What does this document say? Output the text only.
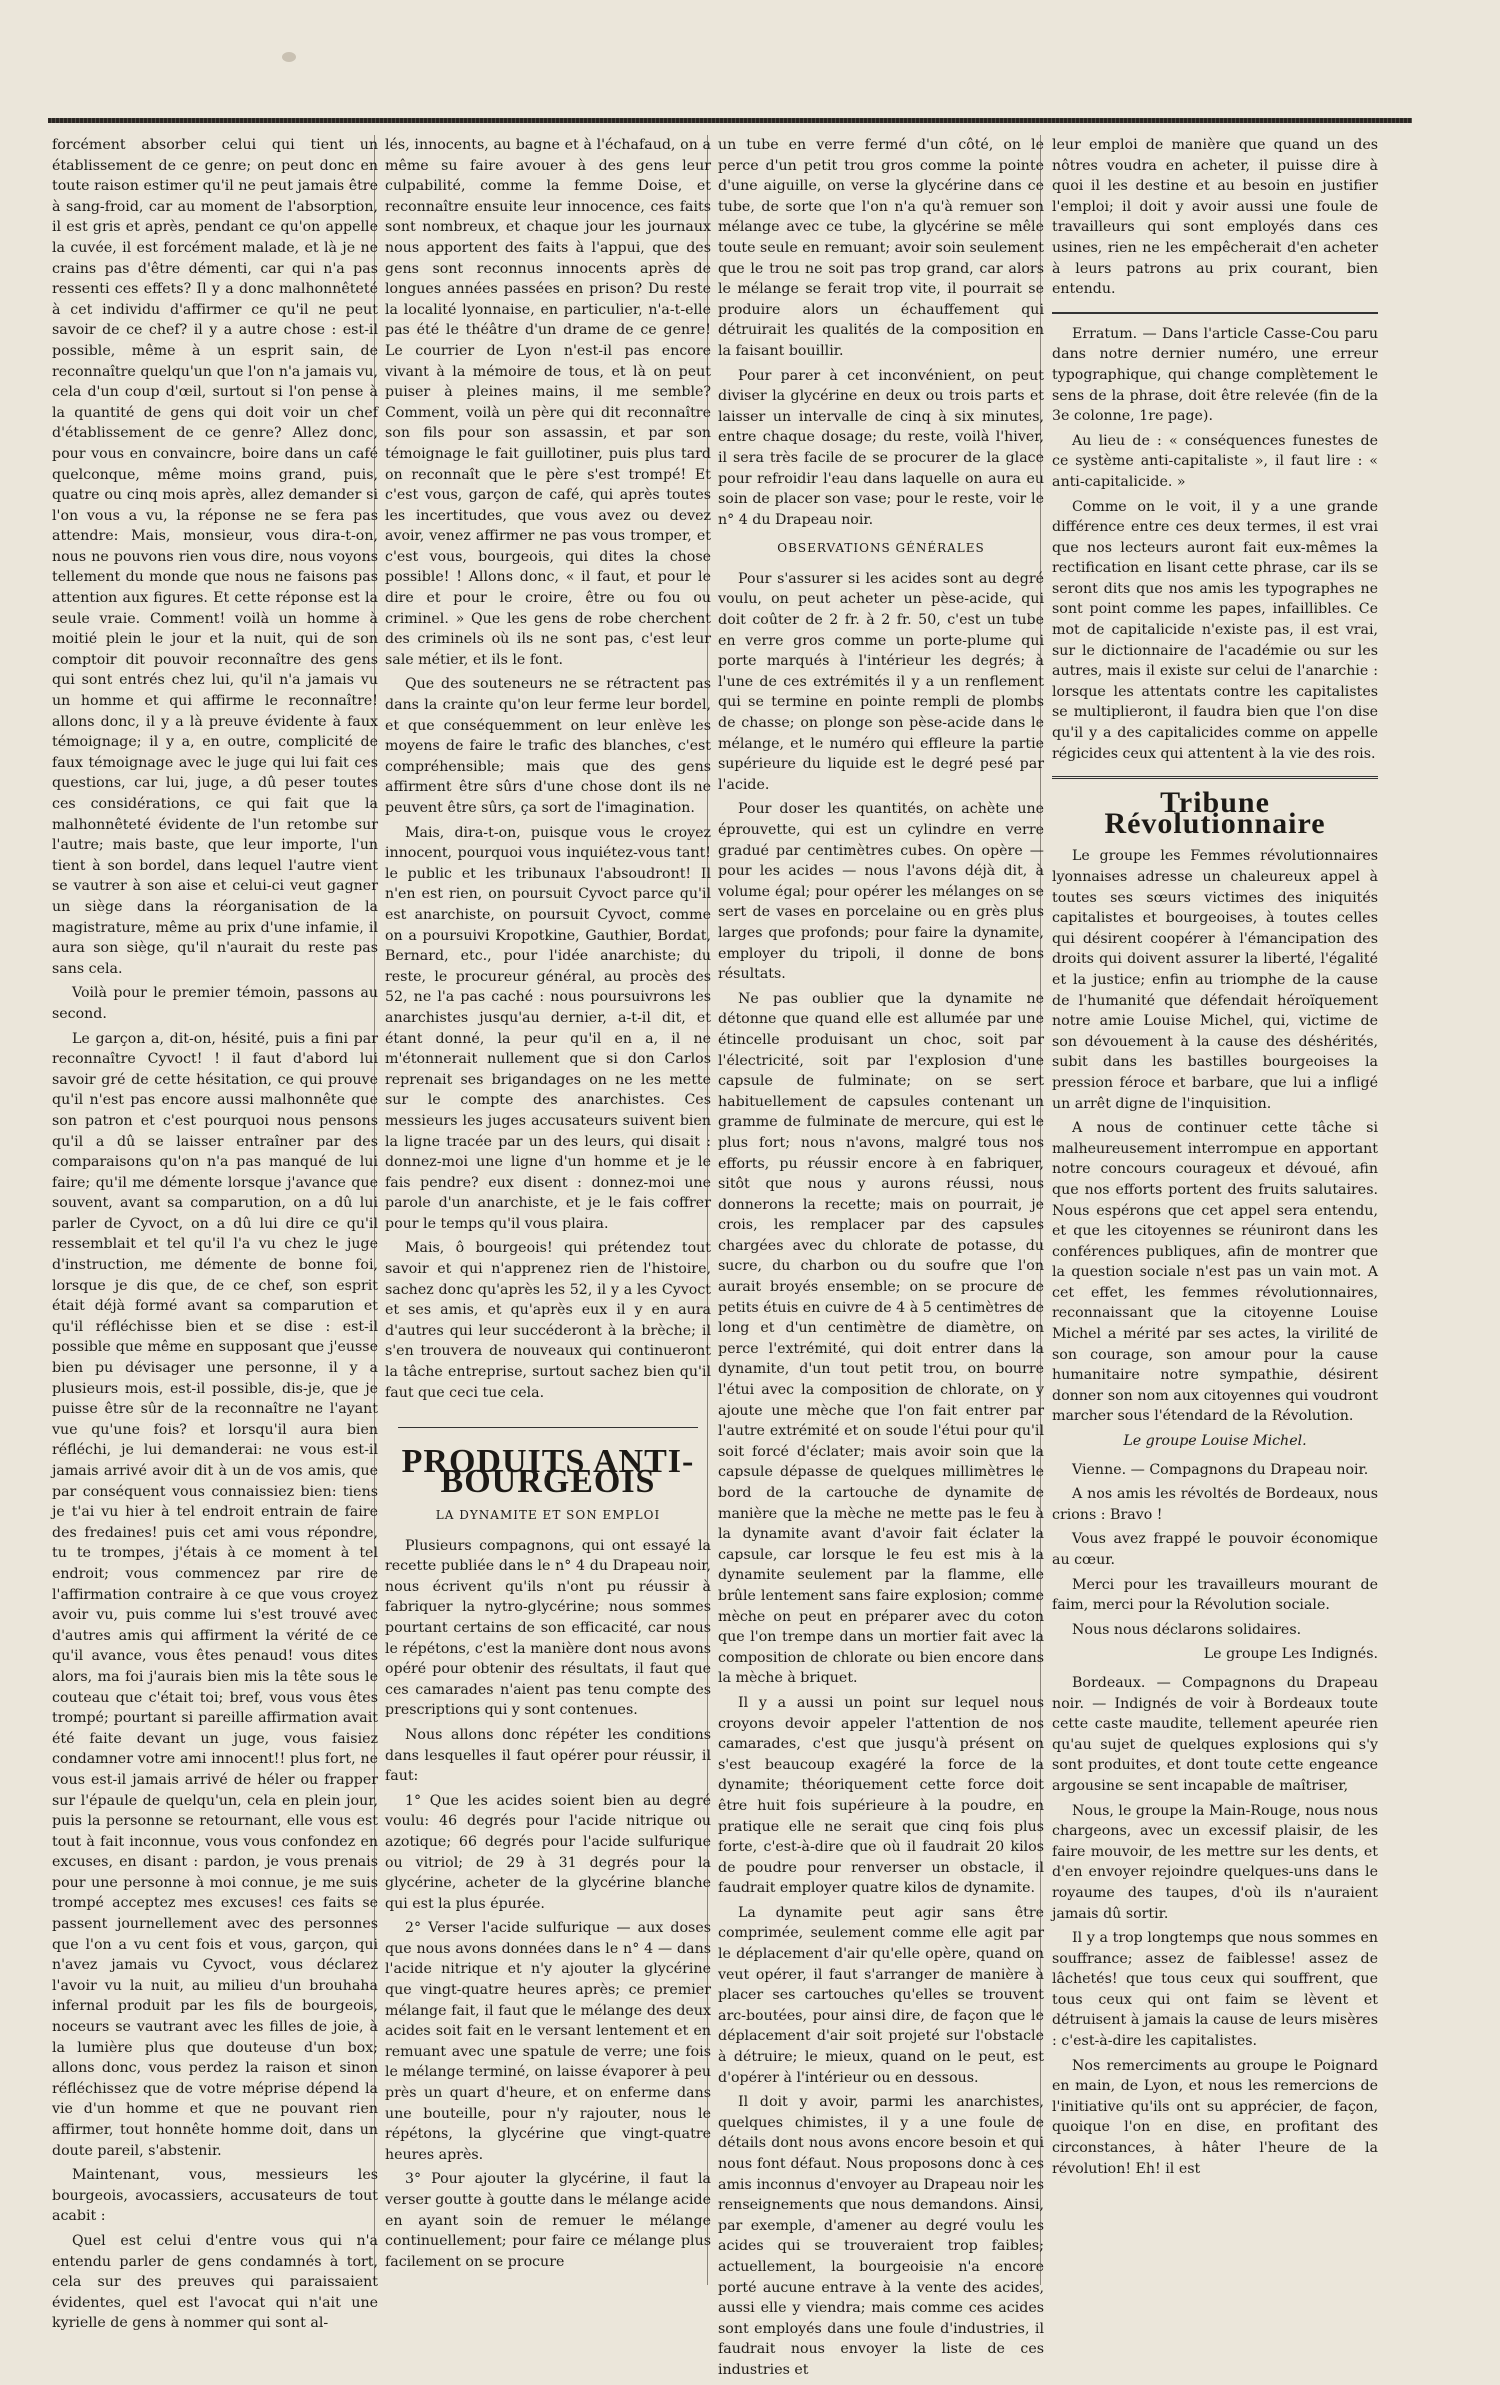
forcément absorber celui qui tient un établissement de ce genre; on peut donc en toute raison estimer qu'il ne peut jamais être à sang-froid, car au moment de l'absorption, il est gris et après, pendant ce qu'on appelle la cuvée, il est forcément malade, et là je ne crains pas d'être démenti, car qui n'a pas ressenti ces effets? Il y a donc malhonnêteté à cet individu d'affirmer ce qu'il ne peut savoir de ce chef? il y a autre chose : est-il possible, même à un esprit sain, de reconnaître quelqu'un que l'on n'a jamais vu, cela d'un coup d'œil, surtout si l'on pense à la quantité de gens qui doit voir un chef d'établissement de ce genre? Allez donc, pour vous en convaincre, boire dans un café quelconque, même moins grand, puis, quatre ou cinq mois après, allez demander si l'on vous a vu, la réponse ne se fera pas attendre: Mais, monsieur, vous dira-t-on, nous ne pouvons rien vous dire, nous voyons tellement du monde que nous ne faisons pas attention aux figures. Et cette réponse est la seule vraie. Comment! voilà un homme à moitié plein le jour et la nuit, qui de son comptoir dit pouvoir reconnaître des gens qui sont entrés chez lui, qu'il n'a jamais vu un homme et qui affirme le reconnaître! allons donc, il y a là preuve évidente à faux témoignage; il y a, en outre, complicité de faux témoignage avec le juge qui lui fait ces questions, car lui, juge, a dû peser toutes ces considérations, ce qui fait que la malhonnêteté évidente de l'un retombe sur l'autre; mais baste, que leur importe, l'un tient à son bordel, dans lequel l'autre vient se vautrer à son aise et celui-ci veut gagner un siège dans la réorganisation de la magistrature, même au prix d'une infamie, il aura son siège, qu'il n'aurait du reste pas sans cela.

Voilà pour le premier témoin, passons au second.

Le garçon a, dit-on, hésité, puis a fini par reconnaître Cyvoct! ! il faut d'abord lui savoir gré de cette hésitation, ce qui prouve qu'il n'est pas encore aussi malhonnête que son patron et c'est pourquoi nous pensons qu'il a dû se laisser entraîner par des comparaisons qu'on n'a pas manqué de lui faire; qu'il me démente lorsque j'avance que souvent, avant sa comparution, on a dû lui parler de Cyvoct, on a dû lui dire ce qu'il ressemblait et tel qu'il l'a vu chez le juge d'instruction, me démente de bonne foi, lorsque je dis que, de ce chef, son esprit était déjà formé avant sa comparution et qu'il réfléchisse bien et se dise : est-il possible que même en supposant que j'eusse bien pu dévisager une personne, il y a plusieurs mois, est-il possible, dis-je, que je puisse être sûr de la reconnaître ne l'ayant vue qu'une fois? et lorsqu'il aura bien réfléchi, je lui demanderai: ne vous est-il jamais arrivé avoir dit à un de vos amis, que par conséquent vous connaissiez bien: tiens je t'ai vu hier à tel endroit entrain de faire des fredaines! puis cet ami vous répondre, tu te trompes, j'étais à ce moment à tel endroit; vous commencez par rire de l'affirmation contraire à ce que vous croyez avoir vu, puis comme lui s'est trouvé avec d'autres amis qui affirment la vérité de ce qu'il avance, vous êtes penaud! vous dites alors, ma foi j'aurais bien mis la tête sous le couteau que c'était toi; bref, vous vous êtes trompé; pourtant si pareille affirmation avait été faite devant un juge, vous faisiez condamner votre ami innocent!! plus fort, ne vous est-il jamais arrivé de héler ou frapper sur l'épaule de quelqu'un, cela en plein jour, puis la personne se retournant, elle vous est tout à fait inconnue, vous vous confondez en excuses, en disant : pardon, je vous prenais pour une personne à moi connue, je me suis trompé acceptez mes excuses! ces faits se passent journellement avec des personnes que l'on a vu cent fois et vous, garçon, qui n'avez jamais vu Cyvoct, vous déclarez l'avoir vu la nuit, au milieu d'un brouhaha infernal produit par les fils de bourgeois, noceurs se vautrant avec les filles de joie, à la lumière plus que douteuse d'un box; allons donc, vous perdez la raison et sinon réfléchissez que de votre méprise dépend la vie d'un homme et que ne pouvant rien affirmer, tout honnête homme doit, dans un doute pareil, s'abstenir.

Maintenant, vous, messieurs les bourgeois, avocassiers, accusateurs de tout acabit :

Quel est celui d'entre vous qui n'a entendu parler de gens condamnés à tort, cela sur des preuves qui paraissaient évidentes, quel est l'avocat qui n'ait une kyrielle de gens à nommer qui sont al-

lés, innocents, au bagne et à l'échafaud, on a même su faire avouer à des gens leur culpabilité, comme la femme Doise, et reconnaître ensuite leur innocence, ces faits sont nombreux, et chaque jour les journaux nous apportent des faits à l'appui, que des gens sont reconnus innocents après de longues années passées en prison? Du reste la localité lyonnaise, en particulier, n'a-t-elle pas été le théâtre d'un drame de ce genre! Le courrier de Lyon n'est-il pas encore vivant à la mémoire de tous, et là on peut puiser à pleines mains, il me semble? Comment, voilà un père qui dit reconnaître son fils pour son assassin, et par son témoignage le fait guillotiner, puis plus tard on reconnaît que le père s'est trompé! Et c'est vous, garçon de café, qui après toutes les incertitudes, que vous avez ou devez avoir, venez affirmer ne pas vous tromper, et c'est vous, bourgeois, qui dites la chose possible! ! Allons donc, « il faut, et pour le dire et pour le croire, être ou fou ou criminel. » Que les gens de robe cherchent des criminels où ils ne sont pas, c'est leur sale métier, et ils le font.

Que des souteneurs ne se rétractent pas dans la crainte qu'on leur ferme leur bordel, et que conséquemment on leur enlève les moyens de faire le trafic des blanches, c'est compréhensible; mais que des gens affirment être sûrs d'une chose dont ils ne peuvent être sûrs, ça sort de l'imagination.

Mais, dira-t-on, puisque vous le croyez innocent, pourquoi vous inquiétez-vous tant! le public et les tribunaux l'absoudront! Il n'en est rien, on poursuit Cyvoct parce qu'il est anarchiste, on poursuit Cyvoct, comme on a poursuivi Kropotkine, Gauthier, Bordat, Bernard, etc., pour l'idée anarchiste; du reste, le procureur général, au procès des 52, ne l'a pas caché : nous poursuivrons les anarchistes jusqu'au dernier, a-t-il dit, et étant donné, la peur qu'il en a, il ne m'étonnerait nullement que si don Carlos reprenait ses brigandages on ne les mette sur le compte des anarchistes. Ces messieurs les juges accusateurs suivent bien la ligne tracée par un des leurs, qui disait : donnez-moi une ligne d'un homme et je le fais pendre? eux disent : donnez-moi une parole d'un anarchiste, et je le fais coffrer pour le temps qu'il vous plaira.

Mais, ô bourgeois! qui prétendez tout savoir et qui n'apprenez rien de l'histoire, sachez donc qu'après les 52, il y a les Cyvoct et ses amis, et qu'après eux il y en aura d'autres qui leur succéderont à la brèche; il s'en trouvera de nouveaux qui continueront la tâche entreprise, surtout sachez bien qu'il faut que ceci tue cela.

PRODUITS ANTI-BOURGEOIS
LA DYNAMITE ET SON EMPLOI

Plusieurs compagnons, qui ont essayé la recette publiée dans le n° 4 du Drapeau noir, nous écrivent qu'ils n'ont pu réussir à fabriquer la nytro-glycérine; nous sommes pourtant certains de son efficacité, car nous le répétons, c'est la manière dont nous avons opéré pour obtenir des résultats, il faut que ces camarades n'aient pas tenu compte des prescriptions qui y sont contenues.

Nous allons donc répéter les conditions dans lesquelles il faut opérer pour réussir, il faut:

1° Que les acides soient bien au degré voulu: 46 degrés pour l'acide nitrique ou azotique; 66 degrés pour l'acide sulfurique ou vitriol; de 29 à 31 degrés pour la glycérine, acheter de la glycérine blanche qui est la plus épurée.

2° Verser l'acide sulfurique — aux doses que nous avons données dans le n° 4 — dans l'acide nitrique et n'y ajouter la glycérine que vingt-quatre heures après; ce premier mélange fait, il faut que le mélange des deux acides soit fait en le versant lentement et en remuant avec une spatule de verre; une fois le mélange terminé, on laisse évaporer à peu près un quart d'heure, et on enferme dans une bouteille, pour n'y rajouter, nous le répétons, la glycérine que vingt-quatre heures après.

3° Pour ajouter la glycérine, il faut la verser goutte à goutte dans le mélange acide en ayant soin de remuer le mélange continuellement; pour faire ce mélange plus facilement on se procure

un tube en verre fermé d'un côté, on le perce d'un petit trou gros comme la pointe d'une aiguille, on verse la glycérine dans ce tube, de sorte que l'on n'a qu'à remuer son mélange avec ce tube, la glycérine se mêle toute seule en remuant; avoir soin seulement que le trou ne soit pas trop grand, car alors le mélange se ferait trop vite, il pourrait se produire alors un échauffement qui détruirait les qualités de la composition en la faisant bouillir.

Pour parer à cet inconvénient, on peut diviser la glycérine en deux ou trois parts et laisser un intervalle de cinq à six minutes, entre chaque dosage; du reste, voilà l'hiver, il sera très facile de se procurer de la glace pour refroidir l'eau dans laquelle on aura eu soin de placer son vase; pour le reste, voir le n° 4 du Drapeau noir.

OBSERVATIONS GÉNÉRALES

Pour s'assurer si les acides sont au degré voulu, on peut acheter un pèse-acide, qui doit coûter de 2 fr. à 2 fr. 50, c'est un tube en verre gros comme un porte-plume qui porte marqués à l'intérieur les degrés; à l'une de ces extrémités il y a un renflement qui se termine en pointe rempli de plombs de chasse; on plonge son pèse-acide dans le mélange, et le numéro qui effleure la partie supérieure du liquide est le degré pesé par l'acide.

Pour doser les quantités, on achète une éprouvette, qui est un cylindre en verre gradué par centimètres cubes. On opère — pour les acides — nous l'avons déjà dit, à volume égal; pour opérer les mélanges on se sert de vases en porcelaine ou en grès plus larges que profonds; pour faire la dynamite, employer du tripoli, il donne de bons résultats.

Ne pas oublier que la dynamite ne détonne que quand elle est allumée par une étincelle produisant un choc, soit par l'électricité, soit par l'explosion d'une capsule de fulminate; on se sert habituellement de capsules contenant un gramme de fulminate de mercure, qui est le plus fort; nous n'avons, malgré tous nos efforts, pu réussir encore à en fabriquer, sitôt que nous y aurons réussi, nous donnerons la recette; mais on pourrait, je crois, les remplacer par des capsules chargées avec du chlorate de potasse, du sucre, du charbon ou du soufre que l'on aurait broyés ensemble; on se procure de petits étuis en cuivre de 4 à 5 centimètres de long et d'un centimètre de diamètre, on perce l'extrémité, qui doit entrer dans la dynamite, d'un tout petit trou, on bourre l'étui avec la composition de chlorate, on y ajoute une mèche que l'on fait entrer par l'autre extrémité et on soude l'étui pour qu'il soit forcé d'éclater; mais avoir soin que la capsule dépasse de quelques millimètres le bord de la cartouche de dynamite de manière que la mèche ne mette pas le feu à la dynamite avant d'avoir fait éclater la capsule, car lorsque le feu est mis à la dynamite seulement par la flamme, elle brûle lentement sans faire explosion; comme mèche on peut en préparer avec du coton que l'on trempe dans un mortier fait avec la composition de chlorate ou bien encore dans la mèche à briquet.

Il y a aussi un point sur lequel nous croyons devoir appeler l'attention de nos camarades, c'est que jusqu'à présent on s'est beaucoup exagéré la force de la dynamite; théoriquement cette force doit être huit fois supérieure à la poudre, en pratique elle ne serait que cinq fois plus forte, c'est-à-dire que où il faudrait 20 kilos de poudre pour renverser un obstacle, il faudrait employer quatre kilos de dynamite.

La dynamite peut agir sans être comprimée, seulement comme elle agit par le déplacement d'air qu'elle opère, quand on veut opérer, il faut s'arranger de manière à placer ses cartouches qu'elles se trouvent arc-boutées, pour ainsi dire, de façon que le déplacement d'air soit projeté sur l'obstacle à détruire; le mieux, quand on le peut, est d'opérer à l'intérieur ou en dessous.

Il doit y avoir, parmi les anarchistes, quelques chimistes, il y a une foule de détails dont nous avons encore besoin et qui nous font défaut. Nous proposons donc à ces amis inconnus d'envoyer au Drapeau noir les renseignements que nous demandons. Ainsi, par exemple, d'amener au degré voulu les acides qui se trouveraient trop faibles; actuellement, la bourgeoisie n'a encore porté aucune entrave à la vente des acides, aussi elle y viendra; mais comme ces acides sont employés dans une foule d'industries, il faudrait nous envoyer la liste de ces industries et

leur emploi de manière que quand un des nôtres voudra en acheter, il puisse dire à quoi il les destine et au besoin en justifier l'emploi; il doit y avoir aussi une foule de travailleurs qui sont employés dans ces usines, rien ne les empêcherait d'en acheter à leurs patrons au prix courant, bien entendu.

Erratum. — Dans l'article Casse-Cou paru dans notre dernier numéro, une erreur typographique, qui change complètement le sens de la phrase, doit être relevée (fin de la 3e colonne, 1re page).

Au lieu de : « conséquences funestes de ce système anti-capitaliste », il faut lire : « anti-capitalicide. »

Comme on le voit, il y a une grande différence entre ces deux termes, il est vrai que nos lecteurs auront fait eux-mêmes la rectification en lisant cette phrase, car ils se seront dits que nos amis les typographes ne sont point comme les papes, infaillibles. Ce mot de capitalicide n'existe pas, il est vrai, sur le dictionnaire de l'académie ou sur les autres, mais il existe sur celui de l'anarchie : lorsque les attentats contre les capitalistes se multiplieront, il faudra bien que l'on dise qu'il y a des capitalicides comme on appelle régicides ceux qui attentent à la vie des rois.

Tribune Révolutionnaire

Le groupe les Femmes révolutionnaires lyonnaises adresse un chaleureux appel à toutes ses sœurs victimes des iniquités capitalistes et bourgeoises, à toutes celles qui désirent coopérer à l'émancipation des droits qui doivent assurer la liberté, l'égalité et la justice; enfin au triomphe de la cause de l'humanité que défendait héroïquement notre amie Louise Michel, qui, victime de son dévouement à la cause des déshérités, subit dans les bastilles bourgeoises la pression féroce et barbare, que lui a infligé un arrêt digne de l'inquisition.

A nous de continuer cette tâche si malheureusement interrompue en apportant notre concours courageux et dévoué, afin que nos efforts portent des fruits salutaires. Nous espérons que cet appel sera entendu, et que les citoyennes se réuniront dans les conférences publiques, afin de montrer que la question sociale n'est pas un vain mot. A cet effet, les femmes révolutionnaires, reconnaissant que la citoyenne Louise Michel a mérité par ses actes, la virilité de son courage, son amour pour la cause humanitaire notre sympathie, désirent donner son nom aux citoyennes qui voudront marcher sous l'étendard de la Révolution.

Le groupe Louise Michel.

Vienne. — Compagnons du Drapeau noir.

A nos amis les révoltés de Bordeaux, nous crions : Bravo !

Vous avez frappé le pouvoir économique au cœur.

Merci pour les travailleurs mourant de faim, merci pour la Révolution sociale.

Nous nous déclarons solidaires.

Le groupe Les Indignés.

Bordeaux. — Compagnons du Drapeau noir. — Indignés de voir à Bordeaux toute cette caste maudite, tellement apeurée rien qu'au sujet de quelques explosions qui s'y sont produites, et dont toute cette engeance argousine se sent incapable de maîtriser,

Nous, le groupe la Main-Rouge, nous nous chargeons, avec un excessif plaisir, de les faire mouvoir, de les mettre sur les dents, et d'en envoyer rejoindre quelques-uns dans le royaume des taupes, d'où ils n'auraient jamais dû sortir.

Il y a trop longtemps que nous sommes en souffrance; assez de faiblesse! assez de lâchetés! que tous ceux qui souffrent, que tous ceux qui ont faim se lèvent et détruisent à jamais la cause de leurs misères : c'est-à-dire les capitalistes.

Nos remerciments au groupe le Poignard en main, de Lyon, et nous les remercions de l'initiative qu'ils ont su apprécier, de façon, quoique l'on en dise, en profitant des circonstances, à hâter l'heure de la révolution! Eh! il est
